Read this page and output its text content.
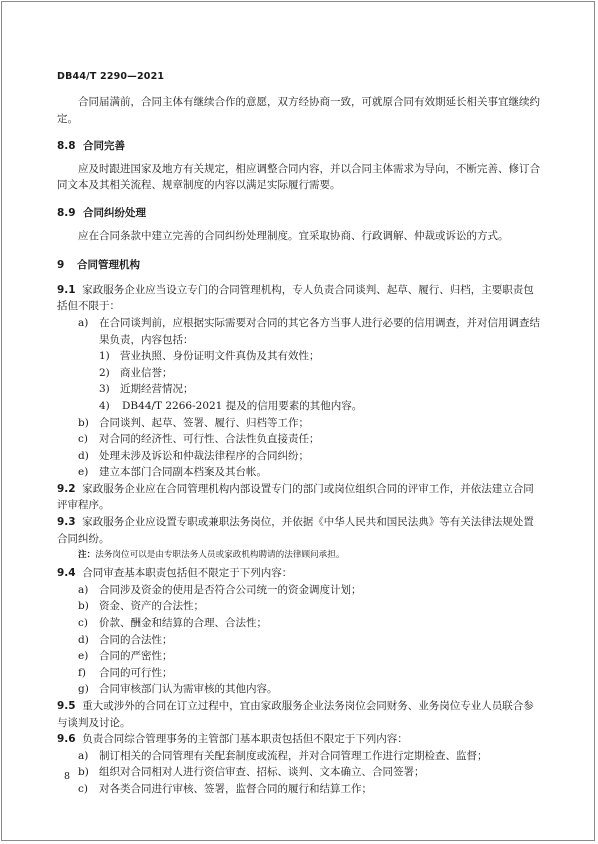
DB44/T 2290—2021

合同届满前，合同主体有继续合作的意愿，双方经协商一致，可就原合同有效期延长相关事宜继续约定。

8.8 合同完善

应及时跟进国家及地方有关规定，相应调整合同内容，并以合同主体需求为导向，不断完善、修订合同文本及其相关流程、规章制度的内容以满足实际履行需要。

8.9 合同纠纷处理

应在合同条款中建立完善的合同纠纷处理制度。宜采取协商、行政调解、仲裁或诉讼的方式。

9 合同管理机构

9.1 家政服务企业应当设立专门的合同管理机构，专人负责合同谈判、起草、履行、归档，主要职责包括但不限于：

a) 在合同谈判前，应根据实际需要对合同的其它各方当事人进行必要的信用调查，并对信用调查结果负责，内容包括：

1) 营业执照、身份证明文件真伪及其有效性；

2) 商业信誉；

3) 近期经营情况；

4) DB44/T 2266-2021 提及的信用要素的其他内容。

b) 合同谈判、起草、签署、履行、归档等工作；

c) 对合同的经济性、可行性、合法性负直接责任；

d) 处理未涉及诉讼和仲裁法律程序的合同纠纷；

e) 建立本部门合同副本档案及其台帐。

9.2 家政服务企业应在合同管理机构内部设置专门的部门或岗位组织合同的评审工作，并依法建立合同评审程序。

9.3 家政服务企业应设置专职或兼职法务岗位，并依据《中华人民共和国民法典》等有关法律法规处置合同纠纷。

注：法务岗位可以是由专职法务人员或家政机构聘请的法律顾问承担。

9.4 合同审查基本职责包括但不限定于下列内容：

a) 合同涉及资金的使用是否符合公司统一的资金调度计划；

b) 资金、资产的合法性；

c) 价款、酬金和结算的合理、合法性；

d) 合同的合法性；

e) 合同的严密性；

f) 合同的可行性；

g) 合同审核部门认为需审核的其他内容。

9.5 重大或涉外的合同在订立过程中，宜由家政服务企业法务岗位会同财务、业务岗位专业人员联合参与谈判及讨论。

9.6 负责合同综合管理事务的主管部门基本职责包括但不限定于下列内容：

a) 制订相关的合同管理有关配套制度或流程，并对合同管理工作进行定期检查、监督；

b) 组织对合同相对人进行资信审查、招标、谈判、文本确立、合同签署；

c) 对各类合同进行审核、签署，监督合同的履行和结算工作；

8
